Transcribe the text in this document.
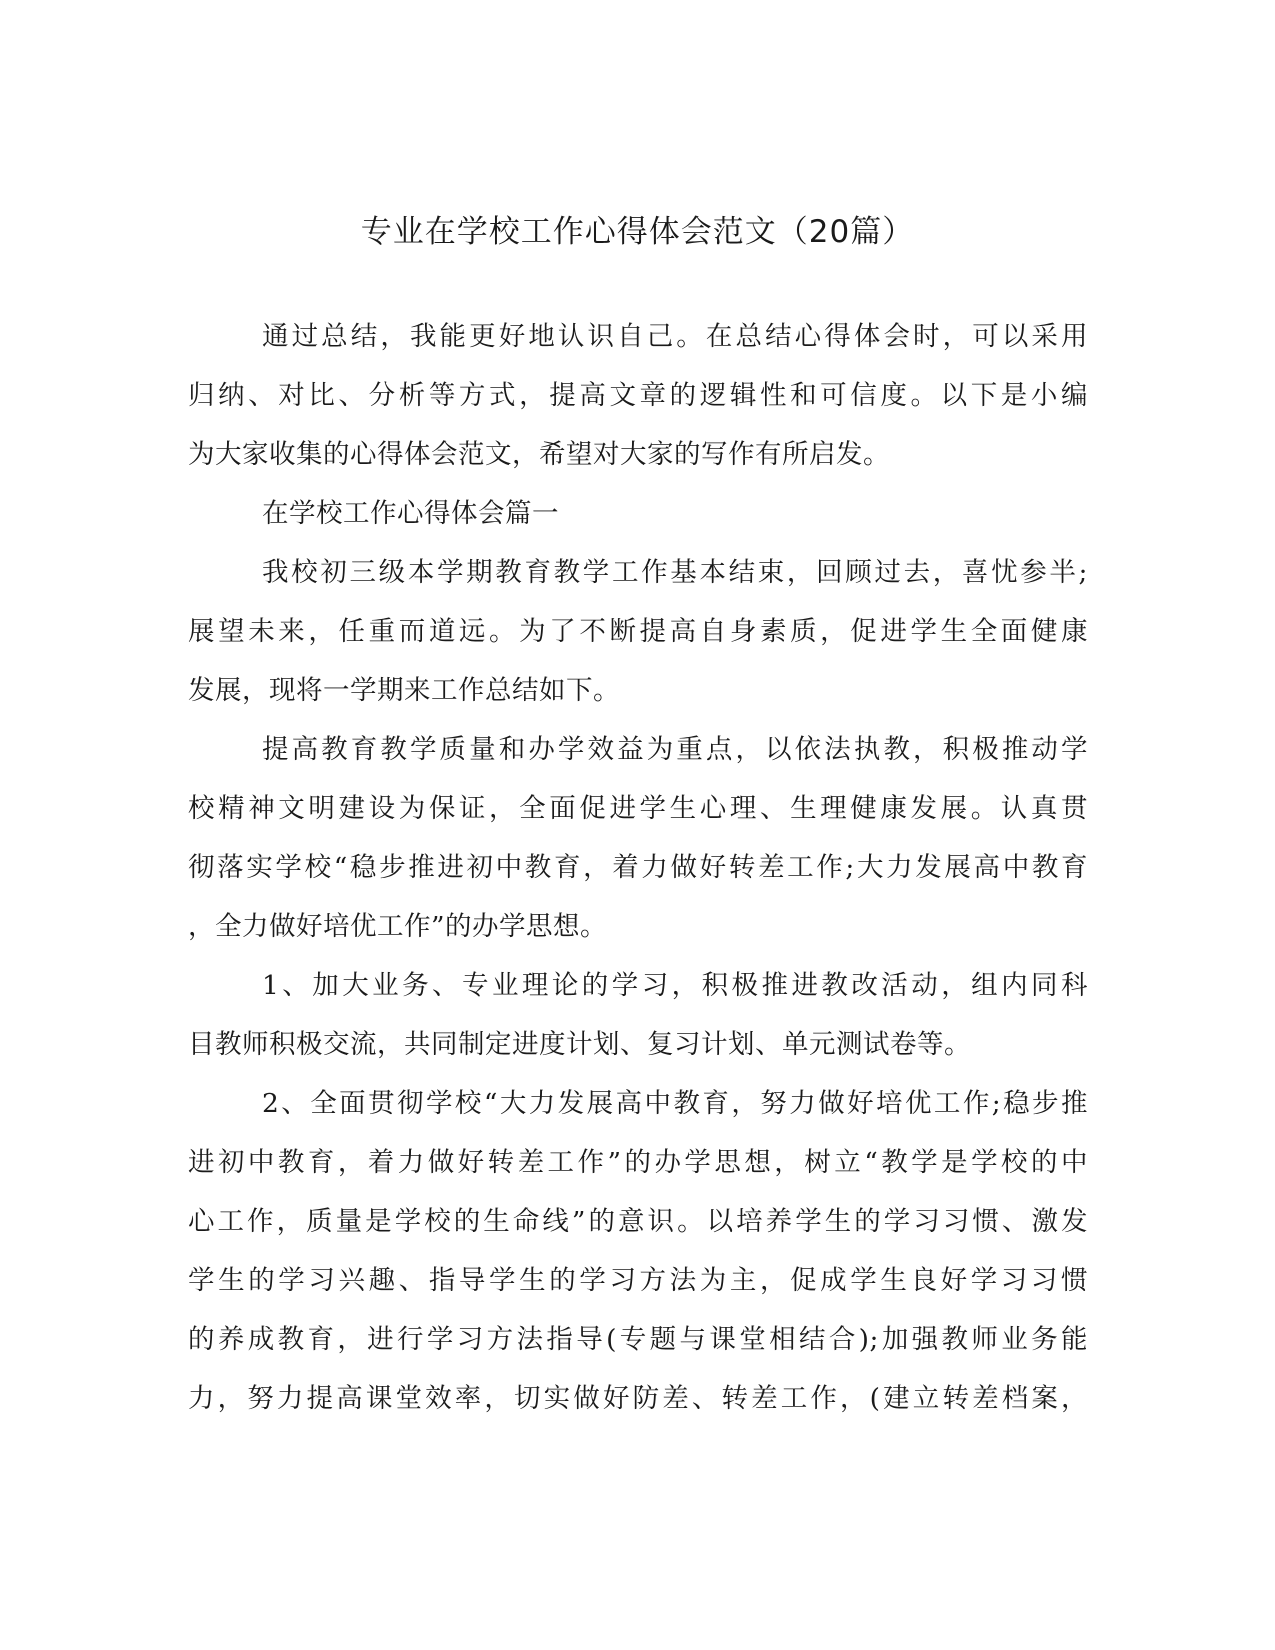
专业在学校工作心得体会范文（20篇）
通过总结，我能更好地认识自己。在总结心得体会时，可以采用
归纳、对比、分析等方式，提高文章的逻辑性和可信度。以下是小编
为大家收集的心得体会范文，希望对大家的写作有所启发。
在学校工作心得体会篇一
我校初三级本学期教育教学工作基本结束，回顾过去，喜忧参半;
展望未来，任重而道远。为了不断提高自身素质，促进学生全面健康
发展，现将一学期来工作总结如下。
提高教育教学质量和办学效益为重点，以依法执教，积极推动学
校精神文明建设为保证，全面促进学生心理、生理健康发展。认真贯
彻落实学校“稳步推进初中教育，着力做好转差工作;大力发展高中教育
，全力做好培优工作”的办学思想。
1、加大业务、专业理论的学习，积极推进教改活动，组内同科
目教师积极交流，共同制定进度计划、复习计划、单元测试卷等。
2、全面贯彻学校“大力发展高中教育，努力做好培优工作;稳步推
进初中教育，着力做好转差工作”的办学思想，树立“教学是学校的中
心工作，质量是学校的生命线”的意识。以培养学生的学习习惯、激发
学生的学习兴趣、指导学生的学习方法为主，促成学生良好学习习惯
的养成教育，进行学习方法指导(专题与课堂相结合);加强教师业务能
力，努力提高课堂效率，切实做好防差、转差工作，(建立转差档案，
